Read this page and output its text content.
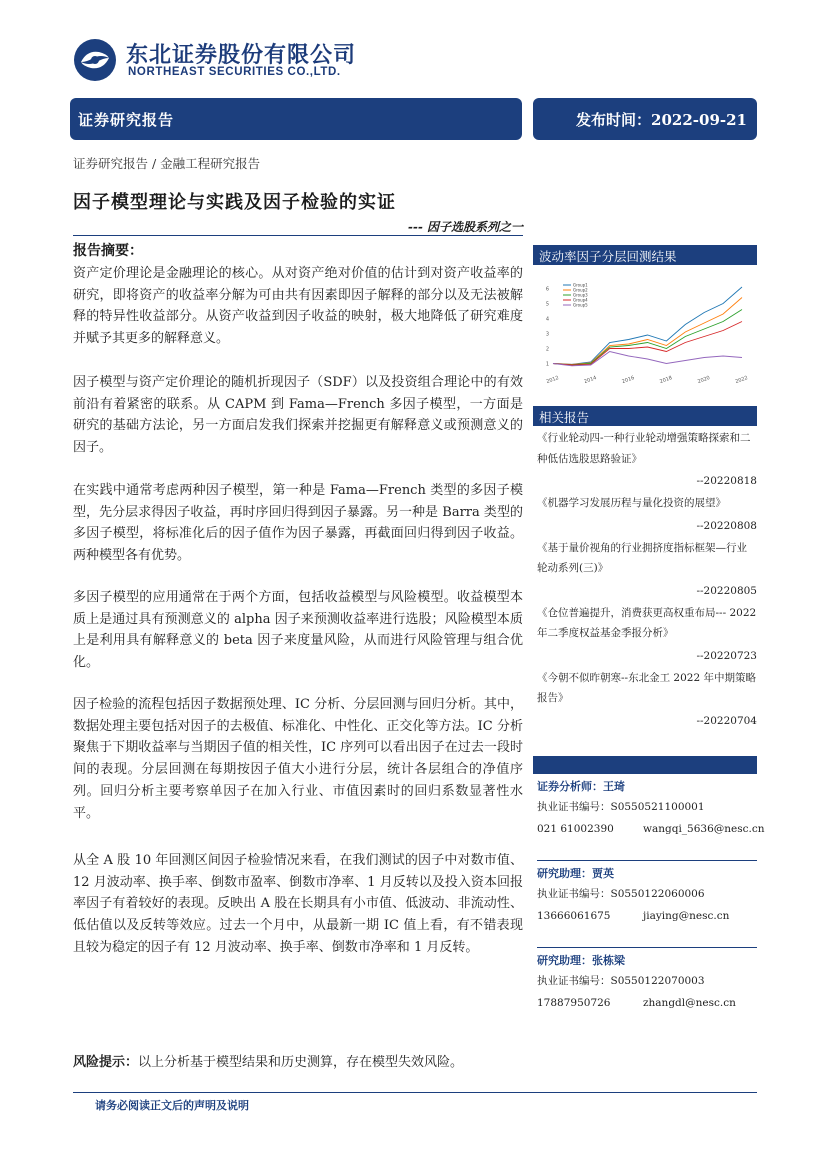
东北证券股份有限公司
NORTHEAST SECURITIES CO.,LTD.
证券研究报告	发布时间：2022-09-21
证券研究报告 / 金融工程研究报告
因子模型理论与实践及因子检验的实证
--- 因子选股系列之一
报告摘要：
资产定价理论是金融理论的核心。从对资产绝对价值的估计到对资产收益率的研究，即将资产的收益率分解为可由共有因素即因子解释的部分以及无法被解释的特异性收益部分。从资产收益到因子收益的映射，极大地降低了研究难度并赋予其更多的解释意义。
因子模型与资产定价理论的随机折现因子（SDF）以及投资组合理论中的有效前沿有着紧密的联系。从 CAPM 到 Fama—French 多因子模型，一方面是研究的基础方法论，另一方面启发我们探索并挖掘更有解释意义或预测意义的因子。
在实践中通常考虑两种因子模型，第一种是 Fama—French 类型的多因子模型，先分层求得因子收益，再时序回归得到因子暴露。另一种是 Barra 类型的多因子模型，将标准化后的因子值作为因子暴露，再截面回归得到因子收益。两种模型各有优势。
多因子模型的应用通常在于两个方面，包括收益模型与风险模型。收益模型本质上是通过具有预测意义的 alpha 因子来预测收益率进行选股；风险模型本质上是利用具有解释意义的 beta 因子来度量风险，从而进行风险管理与组合优化。
因子检验的流程包括因子数据预处理、IC 分析、分层回测与回归分析。其中，数据处理主要包括对因子的去极值、标准化、中性化、正交化等方法。IC 分析聚焦于下期收益率与当期因子值的相关性，IC 序列可以看出因子在过去一段时间的表现。分层回测在每期按因子值大小进行分层，统计各层组合的净值序列。回归分析主要考察单因子在加入行业、市值因素时的回归系数显著性水平。
从全 A 股 10 年回测区间因子检验情况来看，在我们测试的因子中对数市值、12 月波动率、换手率、倒数市盈率、倒数市净率、1 月反转以及投入资本回报率因子有着较好的表现。反映出 A 股在长期具有小市值、低波动、非流动性、低估值以及反转等效应。过去一个月中，从最新一期 IC 值上看，有不错表现且较为稳定的因子有 12 月波动率、换手率、倒数市净率和 1 月反转。
风险提示：以上分析基于模型结果和历史测算，存在模型失效风险。
波动率因子分层回测结果
1
2
3
4
5
6
2012	2014	2016	2018	2020	2022
Group1
Group2
Group3
Group4
Group5
相关报告
《行业轮动四-一种行业轮动增强策略探索和二种低估选股思路验证》
--20220818
《机器学习发展历程与量化投资的展望》
--20220808
《基于量价视角的行业拥挤度指标框架—行业轮动系列(三)》
--20220805
《仓位普遍提升，消费获更高权重布局--- 2022年二季度权益基金季报分析》
--20220723
《今朝不似昨朝寒--东北金工 2022 年中期策略报告》
--20220704
证券分析师：王琦
执业证书编号：S0550521100001
021 61002390	wangqi_5636@nesc.cn
研究助理：贾英
执业证书编号：S0550122060006
13666061675	jiaying@nesc.cn
研究助理：张栋梁
执业证书编号：S0550122070003
17887950726	zhangdl@nesc.cn
请务必阅读正文后的声明及说明
